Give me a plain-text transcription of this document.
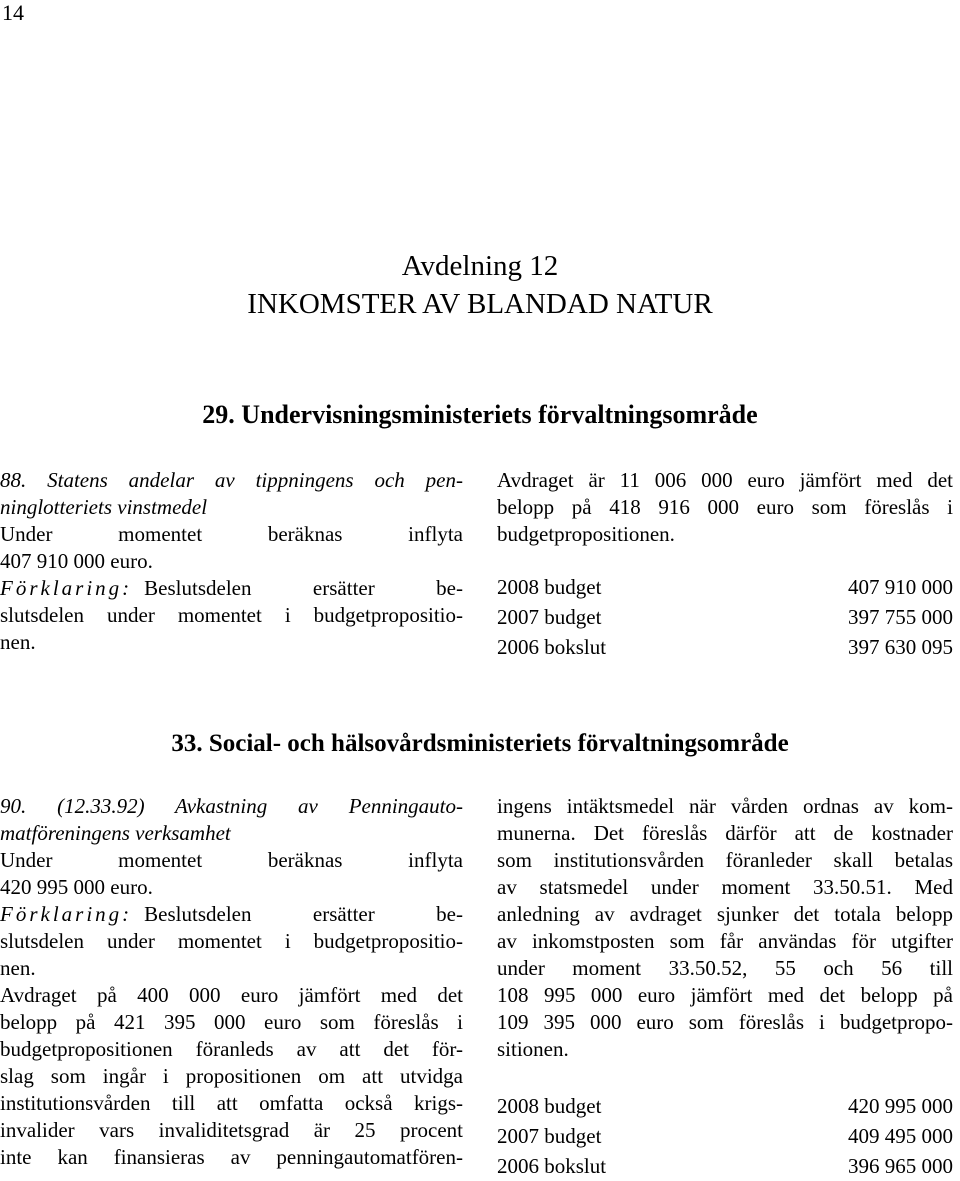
14
Avdelning 12
INKOMSTER AV BLANDAD NATUR
29. Undervisningsministeriets förvaltningsområde
88. Statens andelar av tippningens och pen-
ninglotteriets vinstmedel
Under momentet beräknas inflyta
407 910 000 euro.
Förklaring: Beslutsdelen ersätter be-
slutsdelen under momentet i budgetpropositio-
nen.
Avdraget är 11 006 000 euro jämfört med det
belopp på 418 916 000 euro som föreslås i
budgetpropositionen.
2008 budget	407 910 000
2007 budget	397 755 000
2006 bokslut	397 630 095
33. Social- och hälsovårdsministeriets förvaltningsområde
90. (12.33.92) Avkastning av Penningauto-
matföreningens verksamhet
Under momentet beräknas inflyta
420 995 000 euro.
Förklaring: Beslutsdelen ersätter be-
slutsdelen under momentet i budgetpropositio-
nen.
Avdraget på 400 000 euro jämfört med det
belopp på 421 395 000 euro som föreslås i
budgetpropositionen föranleds av att det för-
slag som ingår i propositionen om att utvidga
institutionsvården till att omfatta också krigs-
invalider vars invaliditetsgrad är 25 procent
inte kan finansieras av penningautomatfören-
ingens intäktsmedel när vården ordnas av kom-
munerna. Det föreslås därför att de kostnader
som institutionsvården föranleder skall betalas
av statsmedel under moment 33.50.51. Med
anledning av avdraget sjunker det totala belopp
av inkomstposten som får användas för utgifter
under moment 33.50.52, 55 och 56 till
108 995 000 euro jämfört med det belopp på
109 395 000 euro som föreslås i budgetpropo-
sitionen.
2008 budget	420 995 000
2007 budget	409 495 000
2006 bokslut	396 965 000
